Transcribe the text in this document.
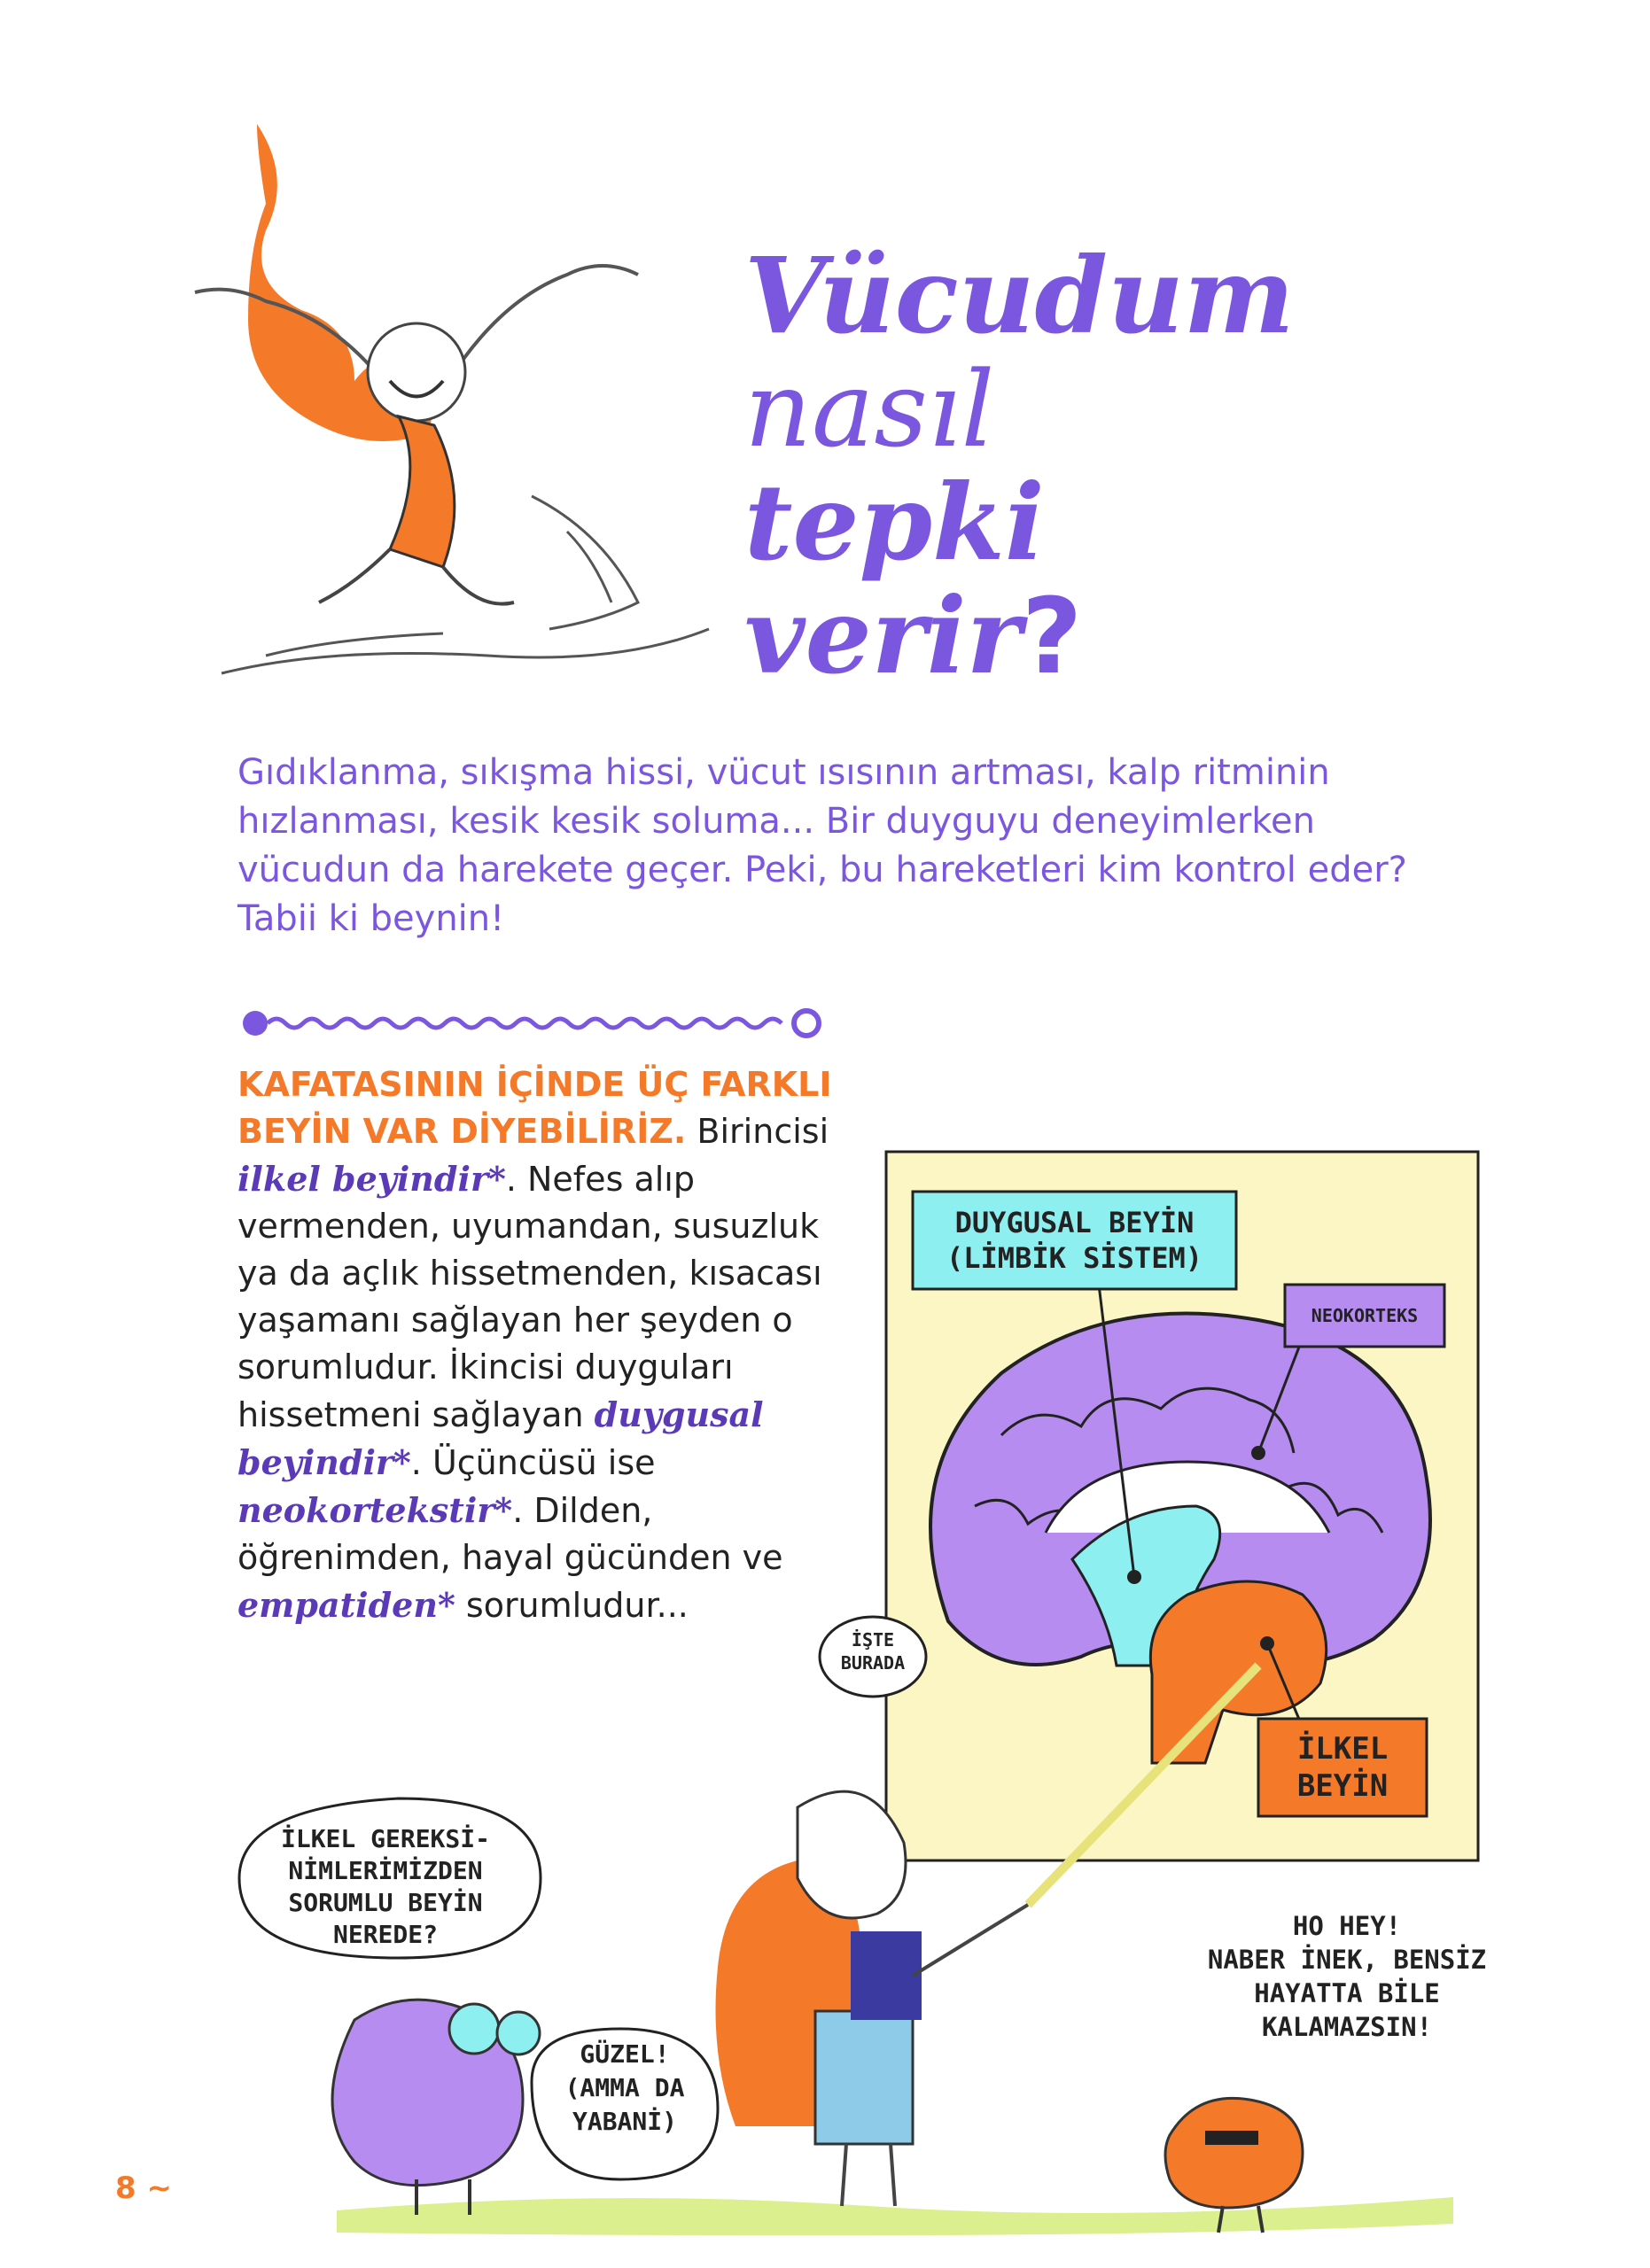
Vücudum
nasıl
tepki
verir?
Gıdıklanma, sıkışma hissi, vücut ısısının artması, kalp ritminin hızlanması, kesik kesik soluma... Bir duyguyu deneyimlerken vücudun da harekete geçer. Peki, bu hareketleri kim kontrol eder? Tabii ki beynin!
KAFATASININ İÇİNDE ÜÇ FARKLI BEYİN VAR DİYEBİLİRİZ. Birincisi ilkel beyindir*. Nefes alıp vermenden, uyumandan, susuzluk ya da açlık hissetmenden, kısacası yaşamanı sağlayan her şeyden o sorumludur. İkincisi duyguları hissetmeni sağlayan duygusal beyindir*. Üçüncüsü ise neokortekstir*. Dilden, öğrenimden, hayal gücünden ve empatiden* sorumludur...
DUYGUSAL BEYİN
(LİMBİK SİSTEM)
NEOKORTEKS
İLKEL
BEYİN
İŞTE
BURADA
İLKEL GEREKSİ-
NİMLERİMİZDEN
SORUMLU BEYİN
NEREDE?
GÜZEL!
(AMMA DA
YABANİ)
HO HEY!
NABER İNEK, BENSİZ
HAYATTA BİLE
KALAMAZSIN!
8 ~
